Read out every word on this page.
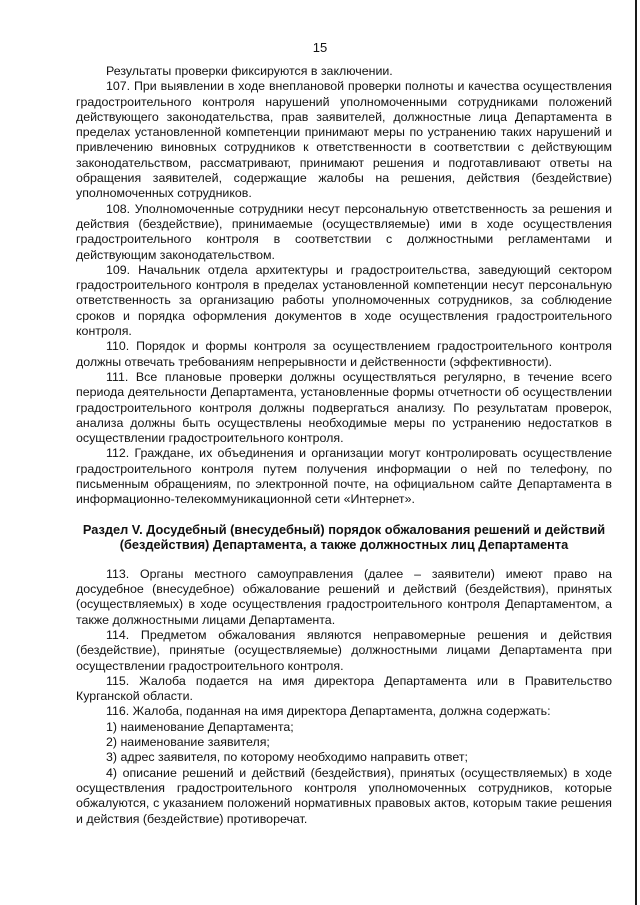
15

Результаты проверки фиксируются в заключении.

107. При выявлении в ходе внеплановой проверки полноты и качества осуществления градостроительного контроля нарушений уполномоченными сотрудниками положений действующего законодательства, прав заявителей, должностные лица Департамента в пределах установленной компетенции принимают меры по устранению таких нарушений и привлечению виновных сотрудников к ответственности в соответствии с действующим законодательством, рассматривают, принимают решения и подготавливают ответы на обращения заявителей, содержащие жалобы на решения, действия (бездействие) уполномоченных сотрудников.

108. Уполномоченные сотрудники несут персональную ответственность за решения и действия (бездействие), принимаемые (осуществляемые) ими в ходе осуществления градостроительного контроля в соответствии с должностными регламентами и действующим законодательством.

109. Начальник отдела архитектуры и градостроительства, заведующий сектором градостроительного контроля в пределах установленной компетенции несут персональную ответственность за организацию работы уполномоченных сотрудников, за соблюдение сроков и порядка оформления документов в ходе осуществления градостроительного контроля.

110. Порядок и формы контроля за осуществлением градостроительного контроля должны отвечать требованиям непрерывности и действенности (эффективности).

111. Все плановые проверки должны осуществляться регулярно, в течение всего периода деятельности Департамента, установленные формы отчетности об осуществлении градостроительного контроля должны подвергаться анализу. По результатам проверок, анализа должны быть осуществлены необходимые меры по устранению недостатков в осуществлении градостроительного контроля.

112. Граждане, их объединения и организации могут контролировать осуществление градостроительного контроля путем получения информации о ней по телефону, по письменным обращениям, по электронной почте, на официальном сайте Департамента в информационно-телекоммуникационной сети «Интернет».

Раздел V. Досудебный (внесудебный) порядок обжалования решений и действий (бездействия) Департамента, а также должностных лиц Департамента

113. Органы местного самоуправления (далее – заявители) имеют право на досудебное (внесудебное) обжалование решений и действий (бездействия), принятых (осуществляемых) в ходе осуществления градостроительного контроля Департаментом, а также должностными лицами Департамента.

114. Предметом обжалования являются неправомерные решения и действия (бездействие), принятые (осуществляемые) должностными лицами Департамента при осуществлении градостроительного контроля.

115. Жалоба подается на имя директора Департамента или в Правительство Курганской области.

116. Жалоба, поданная на имя директора Департамента, должна содержать:

1) наименование Департамента;

2) наименование заявителя;

3) адрес заявителя, по которому необходимо направить ответ;

4) описание решений и действий (бездействия), принятых (осуществляемых) в ходе осуществления градостроительного контроля уполномоченных сотрудников, которые обжалуются, с указанием положений нормативных правовых актов, которым такие решения и действия (бездействие) противоречат.
